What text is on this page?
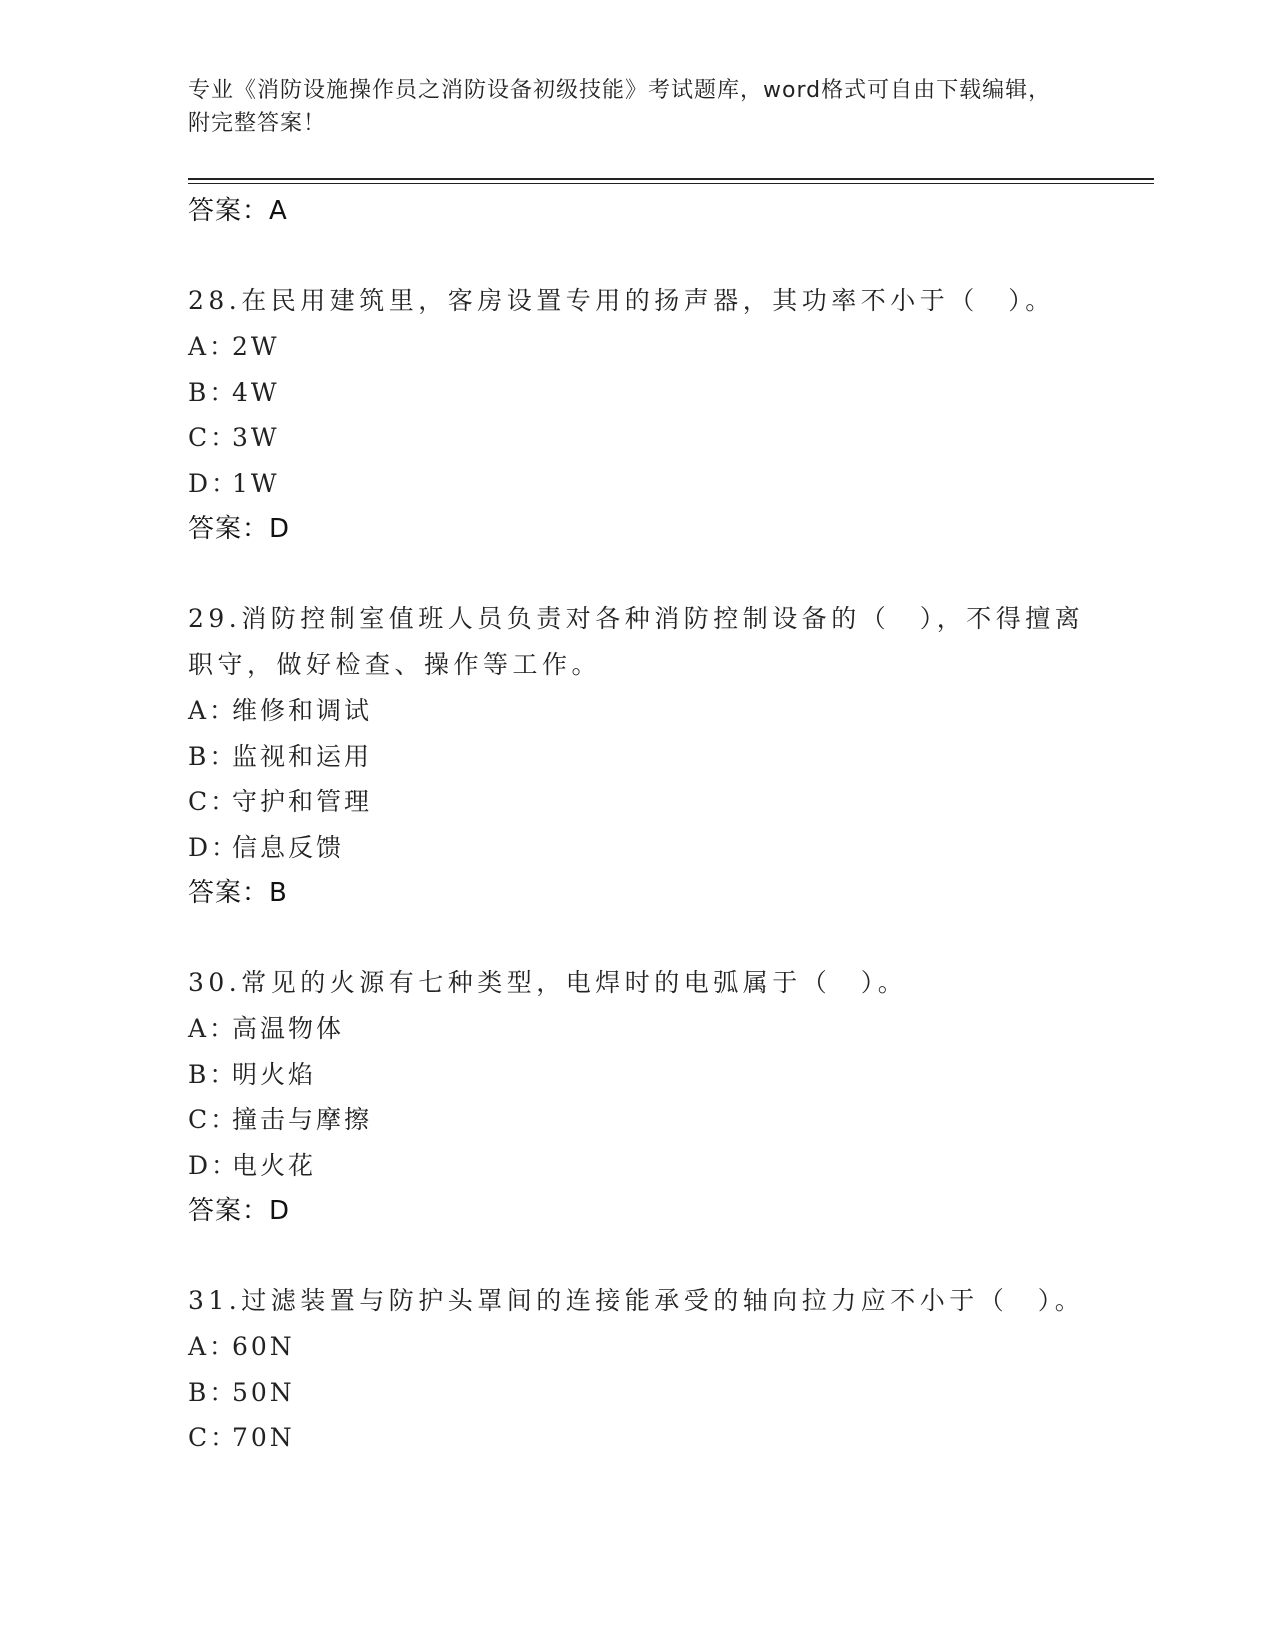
专业《消防设施操作员之消防设备初级技能》考试题库，word格式可自由下载编辑，附完整答案！
答案：A
28.在民用建筑里，客房设置专用的扬声器，其功率不小于（　）。
A：2W
B：4W
C：3W
D：1W
答案：D
29.消防控制室值班人员负责对各种消防控制设备的（　），不得擅离职守，做好检查、操作等工作。
A：维修和调试
B：监视和运用
C：守护和管理
D：信息反馈
答案：B
30.常见的火源有七种类型，电焊时的电弧属于（　）。
A：高温物体
B：明火焰
C：撞击与摩擦
D：电火花
答案：D
31.过滤装置与防护头罩间的连接能承受的轴向拉力应不小于（　）。
A：60N
B：50N
C：70N
